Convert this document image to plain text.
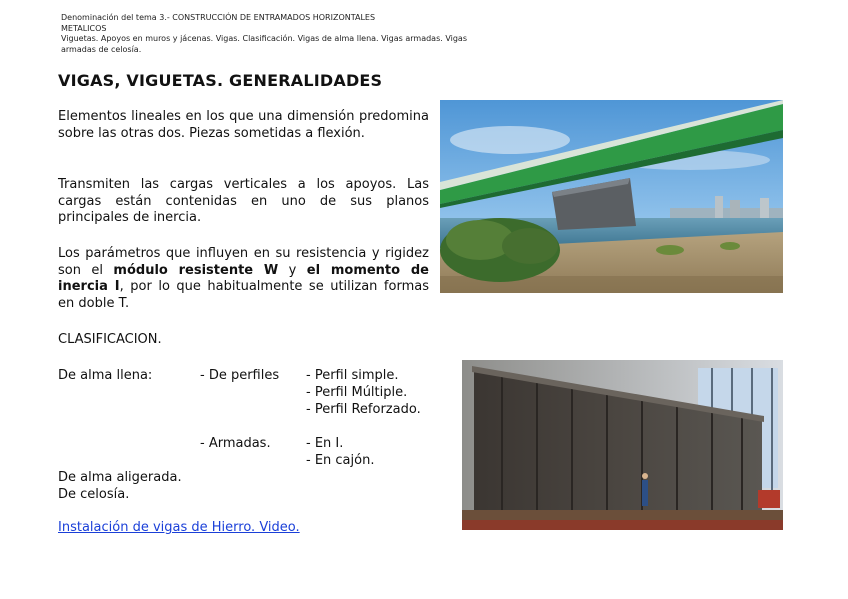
Denominación del tema 3.- CONSTRUCCIÓN DE ENTRAMADOS HORIZONTALES
METALICOS
Viguetas. Apoyos en muros y jácenas. Vigas. Clasificación. Vigas de alma llena. Vigas armadas. Vigas
armadas de celosía.
VIGAS, VIGUETAS. GENERALIDADES
Elementos lineales en los que una dimensión predomina sobre las otras dos. Piezas sometidas a flexión.
Transmiten las cargas verticales a los apoyos. Las cargas están contenidas en uno de sus planos principales de inercia.
Los parámetros que influyen en su resistencia y rigidez son el módulo resistente W y el momento de inercia I, por lo que habitualmente se utilizan formas en doble T.
CLASIFICACION.
De alma llena:	- De perfiles - Perfil simple.
- Perfil Múltiple.
- Perfil Reforzado.
- Armadas.	- En I.
- En cajón.
De alma aligerada.
De celosía.
Instalación de vigas de Hierro. Video.
